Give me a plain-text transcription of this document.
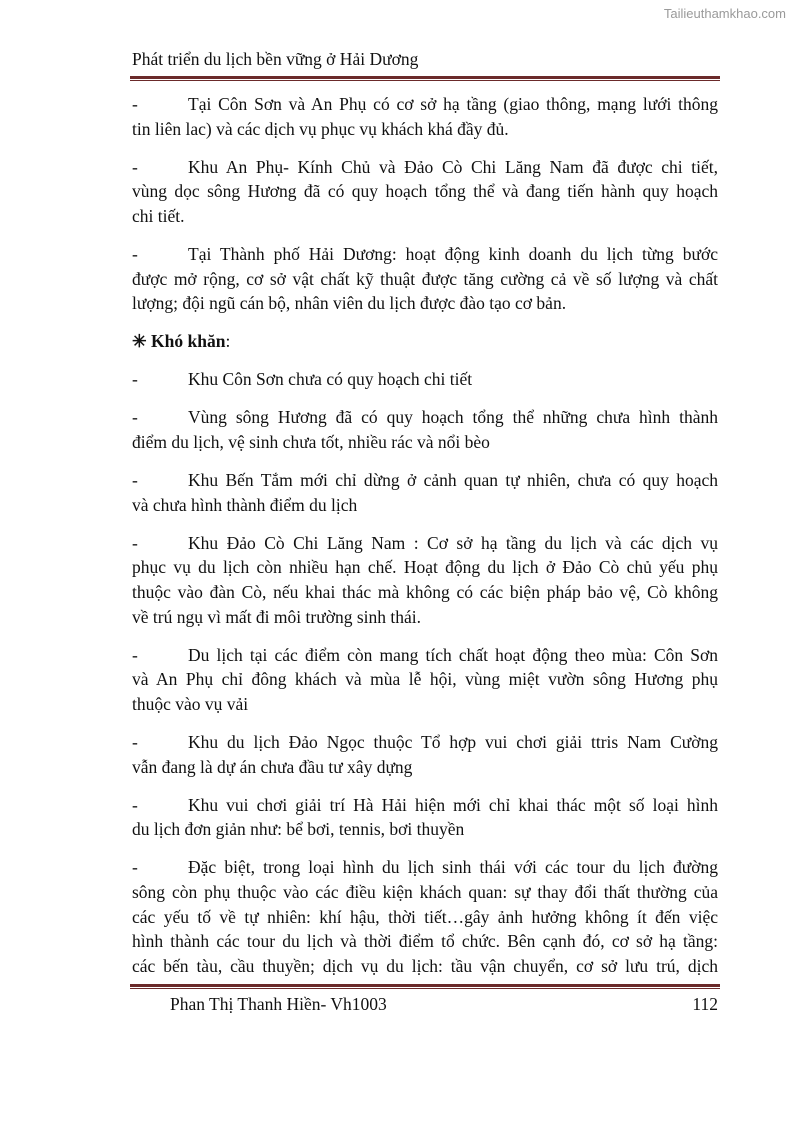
Tailieuthamkhao.com
Phát triển du lịch bền vững ở Hải Dương
-	Tại Côn Sơn và An Phụ có cơ sở hạ tầng (giao thông, mạng lưới thông
tin liên lac) và các dịch vụ phục vụ khách khá đầy đủ.
-	Khu An Phụ- Kính Chủ và Đảo Cò Chi Lăng Nam đã được chi tiết,
vùng dọc sông Hương đã có quy hoạch tổng thể và đang tiến hành quy hoạch
chi tiết.
-	Tại Thành phố Hải Dương: hoạt động kinh doanh du lịch từng bước
được mở rộng, cơ sở vật chất kỹ thuật được tăng cường cả về số lượng và chất
lượng; đội ngũ cán bộ, nhân viên du lịch được đào tạo cơ bản.
✳ Khó khăn:
-	Khu Côn Sơn chưa có quy hoạch chi tiết
-	Vùng sông Hương đã có quy hoạch tổng thể những chưa hình thành
điểm du lịch, vệ sinh chưa tốt, nhiều rác và nổi bèo
-	Khu Bến Tắm mới chỉ dừng ở cảnh quan tự nhiên, chưa có quy hoạch
và chưa hình thành điểm du lịch
-	Khu Đảo Cò Chi Lăng Nam : Cơ sở hạ tầng du lịch và các dịch vụ
phục vụ du lịch còn nhiều hạn chế. Hoạt động du lịch ở Đảo Cò chủ yếu phụ
thuộc vào đàn Cò, nếu khai thác mà không có các biện pháp bảo vệ, Cò không
về trú ngụ vì mất đi môi trường sinh thái.
-	Du lịch tại các điểm còn mang tích chất hoạt động theo mùa: Côn Sơn
và An Phụ chỉ đông khách và mùa lễ hội, vùng miệt vườn sông Hương phụ
thuộc vào vụ vải
-	Khu du lịch Đảo Ngọc thuộc Tổ hợp vui chơi giải ttris Nam Cường
vẫn đang là dự án chưa đầu tư xây dựng
-	Khu vui chơi giải trí Hà Hải hiện mới chỉ khai thác một số loại hình
du lịch đơn giản như: bể bơi, tennis, bơi thuyền
-	Đặc biệt, trong loại hình du lịch sinh thái với các tour du lịch đường
sông còn phụ thuộc vào các điều kiện khách quan: sự thay đổi thất thường của
các yếu tố về tự nhiên: khí hậu, thời tiết…gây ảnh hưởng không ít đến việc
hình thành các tour du lịch và thời điểm tổ chức. Bên cạnh đó, cơ sở hạ tầng:
các bến tàu, cầu thuyền; dịch vụ du lịch: tầu vận chuyển, cơ sở lưu trú, dịch
Phan Thị Thanh Hiền- Vh1003	112
